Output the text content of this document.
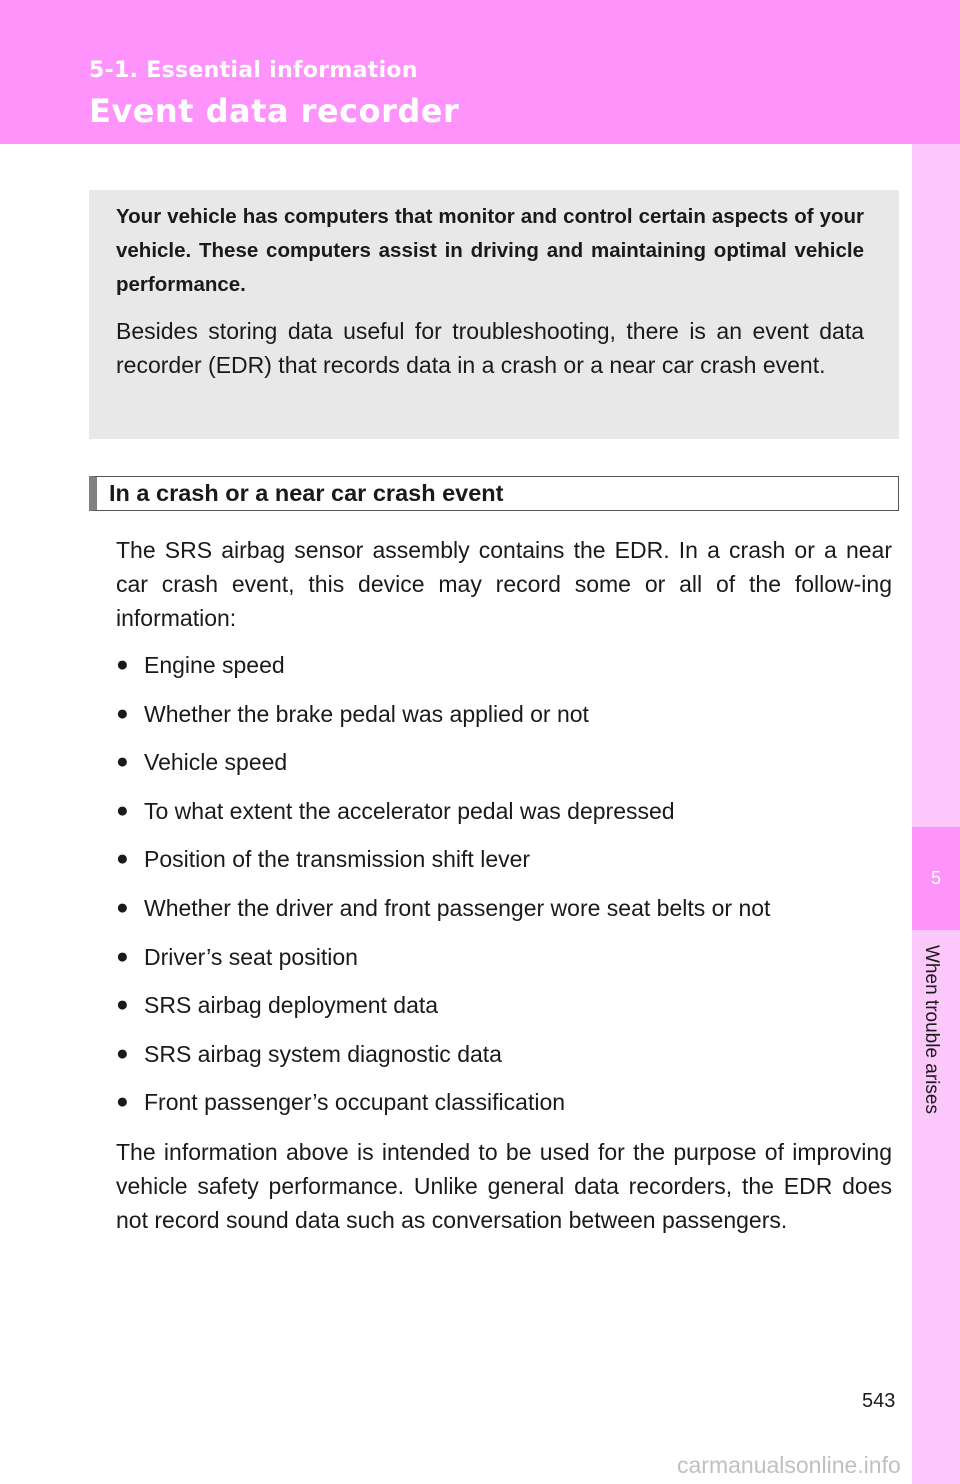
5-1. Essential information
Event data recorder
5
When trouble arises

Your vehicle has computers that monitor and control certain aspects of your vehicle. These computers assist in driving and maintaining optimal vehicle performance.

Besides storing data useful for troubleshooting, there is an event data recorder (EDR) that records data in a crash or a near car crash event.

In a crash or a near car crash event

The SRS airbag sensor assembly contains the EDR. In a crash or a near car crash event, this device may record some or all of the follow-ing information:

● Engine speed
● Whether the brake pedal was applied or not
● Vehicle speed
● To what extent the accelerator pedal was depressed
● Position of the transmission shift lever
● Whether the driver and front passenger wore seat belts or not
● Driver’s seat position
● SRS airbag deployment data
● SRS airbag system diagnostic data
● Front passenger’s occupant classification

The information above is intended to be used for the purpose of improving vehicle safety performance. Unlike general data recorders, the EDR does not record sound data such as conversation between passengers.

543
carmanualsonline.info
